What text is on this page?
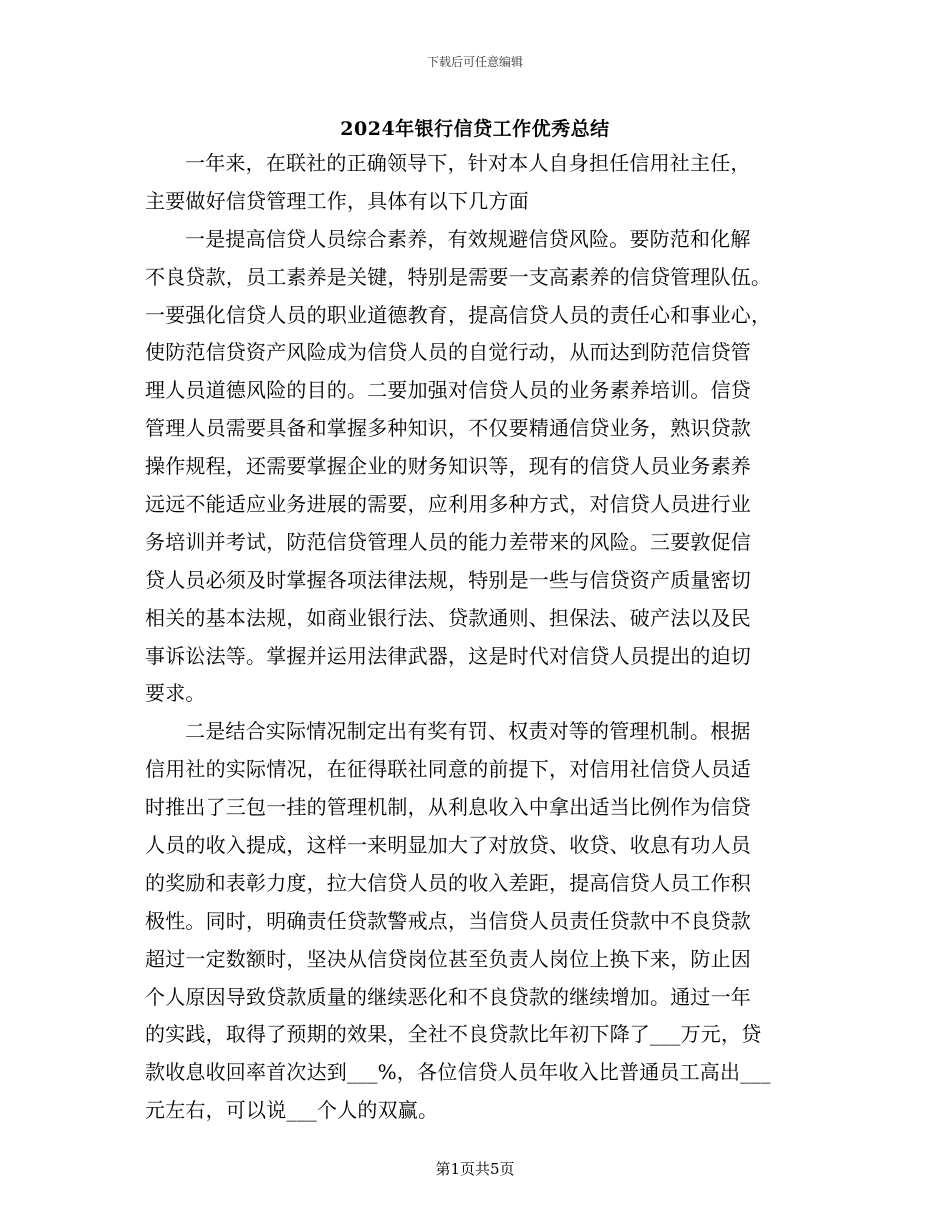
下载后可任意编辑
2024年银行信贷工作优秀总结
一年来，在联社的正确领导下，针对本人自身担任信用社主任，
主要做好信贷管理工作，具体有以下几方面
一是提高信贷人员综合素养，有效规避信贷风险。要防范和化解
不良贷款，员工素养是关键，特别是需要一支高素养的信贷管理队伍。
一要强化信贷人员的职业道德教育，提高信贷人员的责任心和事业心，
使防范信贷资产风险成为信贷人员的自觉行动，从而达到防范信贷管
理人员道德风险的目的。二要加强对信贷人员的业务素养培训。信贷
管理人员需要具备和掌握多种知识，不仅要精通信贷业务，熟识贷款
操作规程，还需要掌握企业的财务知识等，现有的信贷人员业务素养
远远不能适应业务进展的需要，应利用多种方式，对信贷人员进行业
务培训并考试，防范信贷管理人员的能力差带来的风险。三要敦促信
贷人员必须及时掌握各项法律法规，特别是一些与信贷资产质量密切
相关的基本法规，如商业银行法、贷款通则、担保法、破产法以及民
事诉讼法等。掌握并运用法律武器，这是时代对信贷人员提出的迫切
要求。
二是结合实际情况制定出有奖有罚、权责对等的管理机制。根据
信用社的实际情况，在征得联社同意的前提下，对信用社信贷人员适
时推出了三包一挂的管理机制，从利息收入中拿出适当比例作为信贷
人员的收入提成，这样一来明显加大了对放贷、收贷、收息有功人员
的奖励和表彰力度，拉大信贷人员的收入差距，提高信贷人员工作积
极性。同时，明确责任贷款警戒点，当信贷人员责任贷款中不良贷款
超过一定数额时，坚决从信贷岗位甚至负责人岗位上换下来，防止因
个人原因导致贷款质量的继续恶化和不良贷款的继续增加。通过一年
的实践，取得了预期的效果，全社不良贷款比年初下降了___万元，贷
款收息收回率首次达到___%，各位信贷人员年收入比普通员工高出___
元左右，可以说___个人的双赢。
第1页共5页
